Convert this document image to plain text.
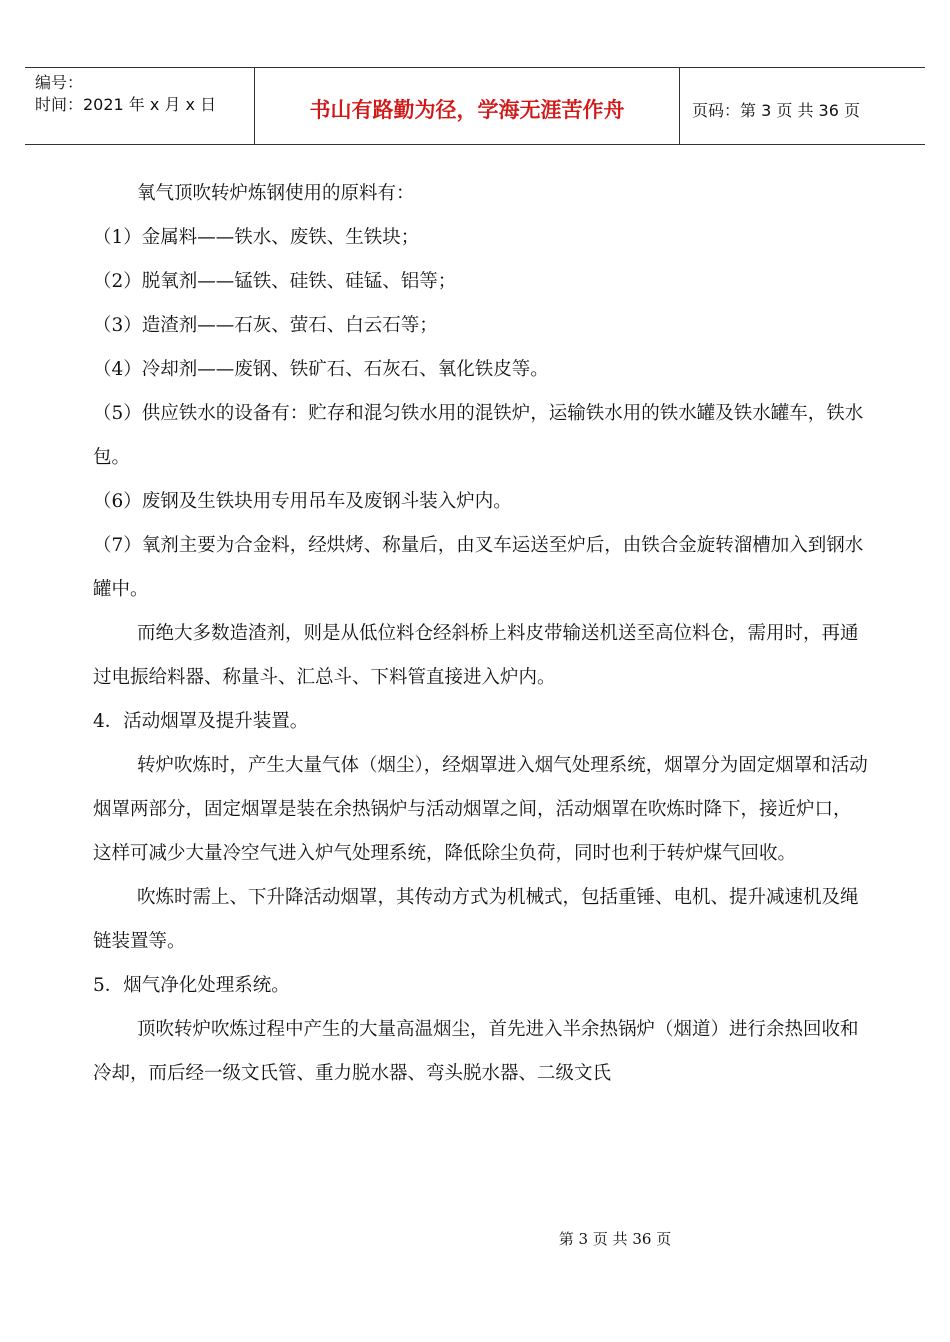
编号：
时间：2021 年 x 月 x 日	书山有路勤为径，学海无涯苦作舟	页码：第 3 页 共 36 页

氧气顶吹转炉炼钢使用的原料有：

（1）金属料——铁水、废铁、生铁块；

（2）脱氧剂——锰铁、硅铁、硅锰、铝等；

（3）造渣剂——石灰、萤石、白云石等；

（4）冷却剂——废钢、铁矿石、石灰石、氧化铁皮等。

（5）供应铁水的设备有：贮存和混匀铁水用的混铁炉，运输铁水用的铁水罐及铁水罐车，铁水包。

（6）废钢及生铁块用专用吊车及废钢斗装入炉内。

（7）氧剂主要为合金料，经烘烤、称量后，由叉车运送至炉后，由铁合金旋转溜槽加入到钢水罐中。

而绝大多数造渣剂，则是从低位料仓经斜桥上料皮带输送机送至高位料仓，需用时，再通过电振给料器、称量斗、汇总斗、下料管直接进入炉内。

4．活动烟罩及提升装置。

转炉吹炼时，产生大量气体（烟尘），经烟罩进入烟气处理系统，烟罩分为固定烟罩和活动烟罩两部分，固定烟罩是装在余热锅炉与活动烟罩之间，活动烟罩在吹炼时降下，接近炉口，这样可减少大量冷空气进入炉气处理系统，降低除尘负荷，同时也利于转炉煤气回收。

吹炼时需上、下升降活动烟罩，其传动方式为机械式，包括重锤、电机、提升减速机及绳链装置等。

5．烟气净化处理系统。

顶吹转炉吹炼过程中产生的大量高温烟尘，首先进入半余热锅炉（烟道）进行余热回收和冷却，而后经一级文氏管、重力脱水器、弯头脱水器、二级文氏

第 3 页 共 36 页
